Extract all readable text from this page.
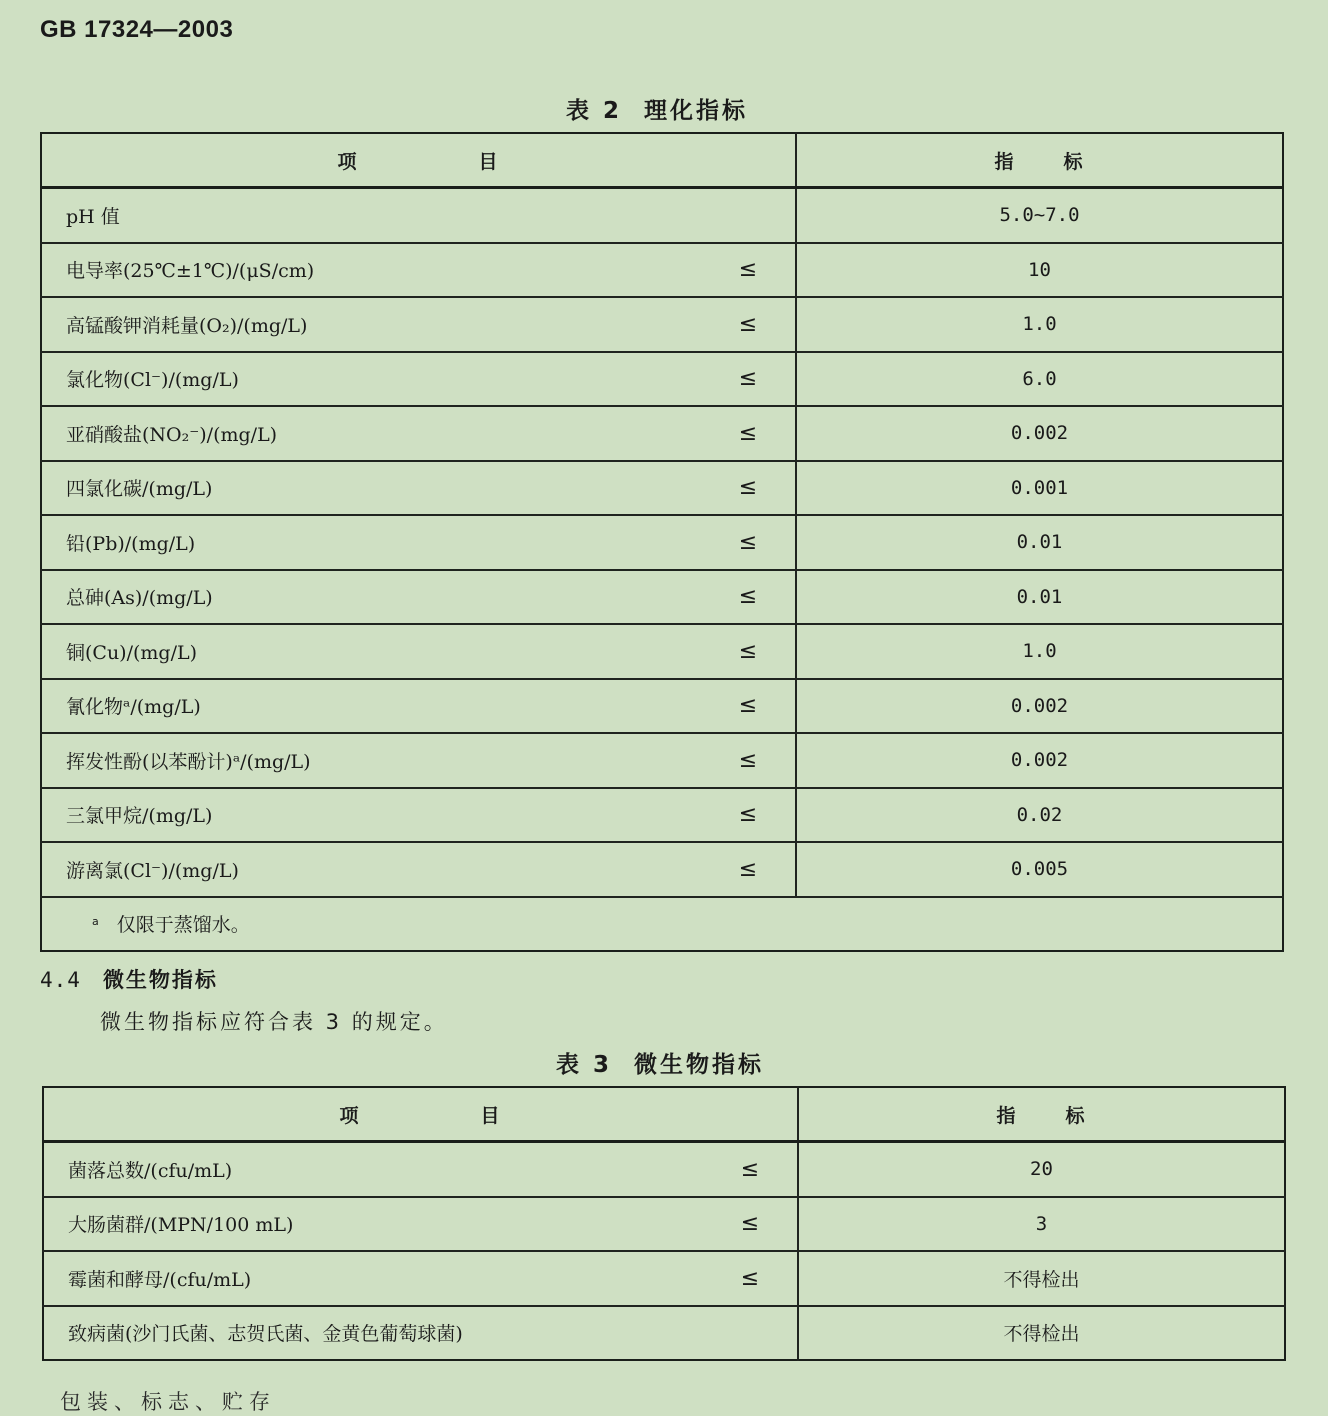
GB 17324—2003
表 2 理化指标
项 目		指 标
pH 值		5.0~7.0
电导率(25℃±1℃)/(μS/cm)	≤	10
高锰酸钾消耗量(O₂)/(mg/L)	≤	1.0
氯化物(Cl⁻)/(mg/L)	≤	6.0
亚硝酸盐(NO₂⁻)/(mg/L)	≤	0.002
四氯化碳/(mg/L)	≤	0.001
铅(Pb)/(mg/L)	≤	0.01
总砷(As)/(mg/L)	≤	0.01
铜(Cu)/(mg/L)	≤	1.0
氰化物ᵃ/(mg/L)	≤	0.002
挥发性酚(以苯酚计)ᵃ/(mg/L)	≤	0.002
三氯甲烷/(mg/L)	≤	0.02
游离氯(Cl⁻)/(mg/L)	≤	0.005
$^a$ 仅限于蒸馏水。		
4.4 微生物指标
微生物指标应符合表 3 的规定。
表 3 微生物指标
项 目		指 标
菌落总数/(cfu/mL)	≤	20
大肠菌群/(MPN/100 mL)	≤	3
霉菌和酵母/(cfu/mL)	≤	不得检出
致病菌(沙门氏菌、志贺氏菌、金黄色葡萄球菌)		不得检出
包装、标志、贮存
